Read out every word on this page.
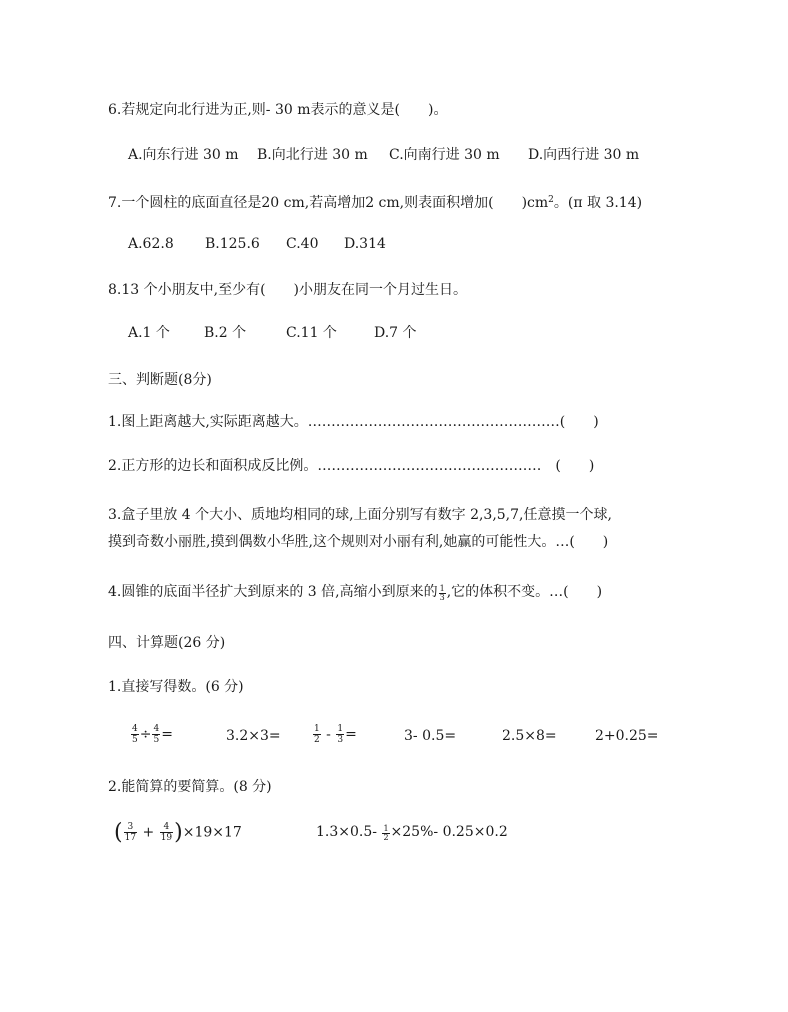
6.若规定向北行进为正,则- 30 m表示的意义是(　　)。
A.向东行进 30 m B.向北行进 30 m C.向南行进 30 m D.向西行进 30 m
7.一个圆柱的底面直径是20 cm,若高增加2 cm,则表面积增加(　　)$cm^2$。(π 取 3.14)
A.62.8 B.125.6 C.40 D.314
8.13 个小朋友中,至少有(　　)小朋友在同一个月过生日。
A.1 个 B.2 个	C.11 个	D.7 个
三、判断题(8分)
1.图上距离越大,实际距离越大。………………………………………………(　　)
2.正方形的边长和面积成反比例。…………………………………………　(　　)
3.盒子里放 4 个大小、质地均相同的球,上面分别写有数字 2,3,5,7,任意摸一个球,
摸到奇数小丽胜,摸到偶数小华胜,这个规则对小丽有利,她赢的可能性大。…(　　)
4.圆锥的底面半径扩大到原来的 3 倍,高缩小到原来的 $\frac{1}{3}$ ,它的体积不变。…(　　)
四、计算题(26 分)
1.直接写得数。(6 分)
$\frac{4}{5} \div \frac{4}{5}$ =	3.2×3=	$\frac{1}{2} - \frac{1}{3}$ =	3- 0.5=	2.5×8=	2+0.25=
2.能简算的要简算。(8 分)
( $\frac{3}{17} + \frac{4}{19} )\times 19\times 17$	$1.3\times 0.5- \frac{1}{2} \times 25\%-$ 0.25×0.2
